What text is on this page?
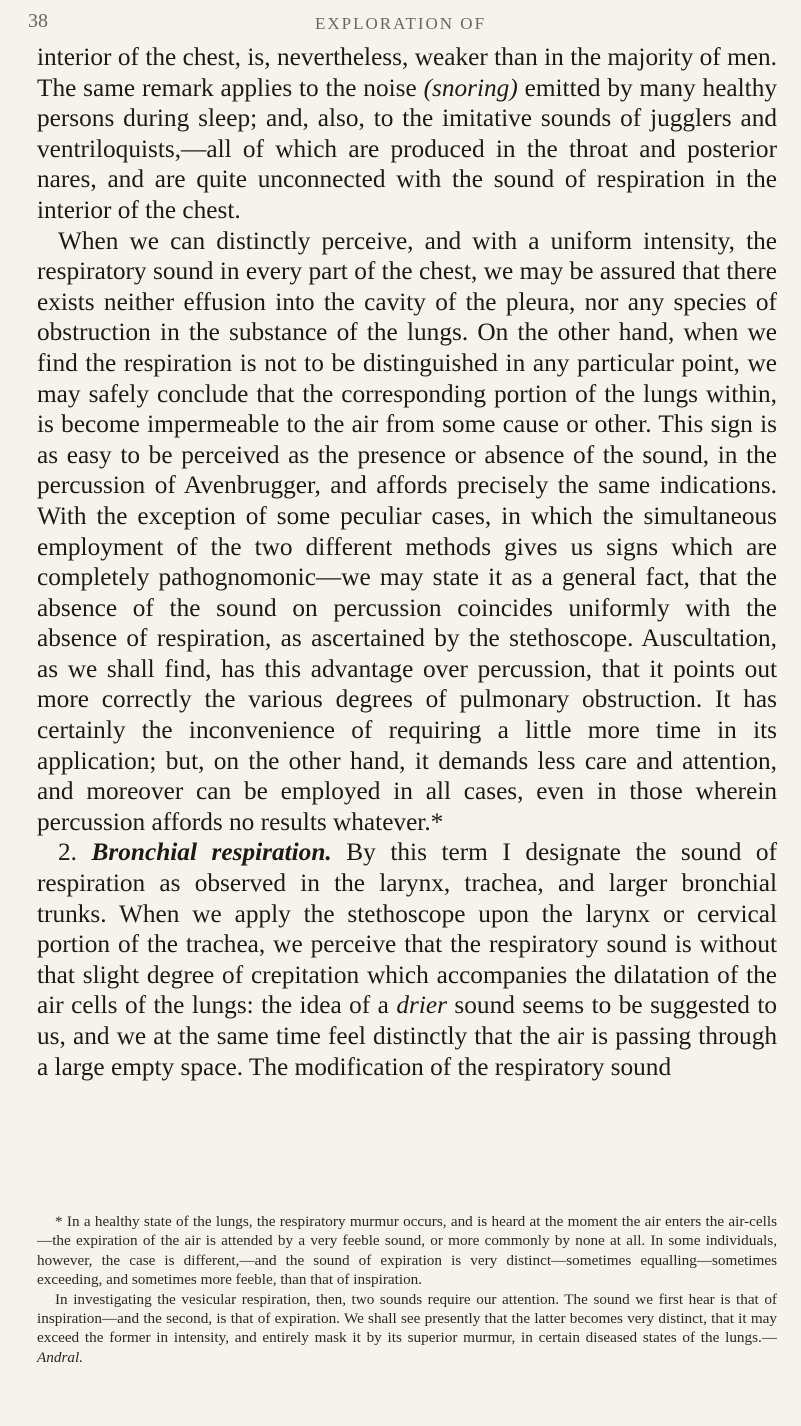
38	EXPLORATION OF

interior of the chest, is, nevertheless, weaker than in the majority of men. The same remark applies to the noise (snoring) emitted by many healthy persons during sleep; and, also, to the imitative sounds of jugglers and ventriloquists,—all of which are produced in the throat and posterior nares, and are quite unconnected with the sound of respiration in the interior of the chest.

When we can distinctly perceive, and with a uniform intensity, the respiratory sound in every part of the chest, we may be assured that there exists neither effusion into the cavity of the pleura, nor any species of obstruction in the substance of the lungs. On the other hand, when we find the respiration is not to be distinguished in any particular point, we may safely conclude that the corresponding portion of the lungs within, is become impermeable to the air from some cause or other. This sign is as easy to be perceived as the presence or absence of the sound, in the percussion of Avenbrugger, and affords precisely the same indications. With the exception of some peculiar cases, in which the simultaneous employment of the two different methods gives us signs which are completely pathognomonic—we may state it as a general fact, that the absence of the sound on percussion coincides uniformly with the absence of respiration, as ascertained by the stethoscope. Auscultation, as we shall find, has this advantage over percussion, that it points out more correctly the various degrees of pulmonary obstruction. It has certainly the inconvenience of requiring a little more time in its application; but, on the other hand, it demands less care and attention, and moreover can be employed in all cases, even in those wherein percussion affords no results whatever.*

2. Bronchial respiration. By this term I designate the sound of respiration as observed in the larynx, trachea, and larger bronchial trunks. When we apply the stethoscope upon the larynx or cervical portion of the trachea, we perceive that the respiratory sound is without that slight degree of crepitation which accompanies the dilatation of the air cells of the lungs: the idea of a drier sound seems to be suggested to us, and we at the same time feel distinctly that the air is passing through a large empty space. The modification of the respiratory sound

* In a healthy state of the lungs, the respiratory murmur occurs, and is heard at the moment the air enters the air-cells—the expiration of the air is attended by a very feeble sound, or more commonly by none at all. In some individuals, however, the case is different,—and the sound of expiration is very distinct—sometimes equalling—sometimes exceeding, and sometimes more feeble, than that of inspiration.

In investigating the vesicular respiration, then, two sounds require our attention. The sound we first hear is that of inspiration—and the second, is that of expiration. We shall see presently that the latter becomes very distinct, that it may exceed the former in intensity, and entirely mask it by its superior murmur, in certain diseased states of the lungs.—Andral.
